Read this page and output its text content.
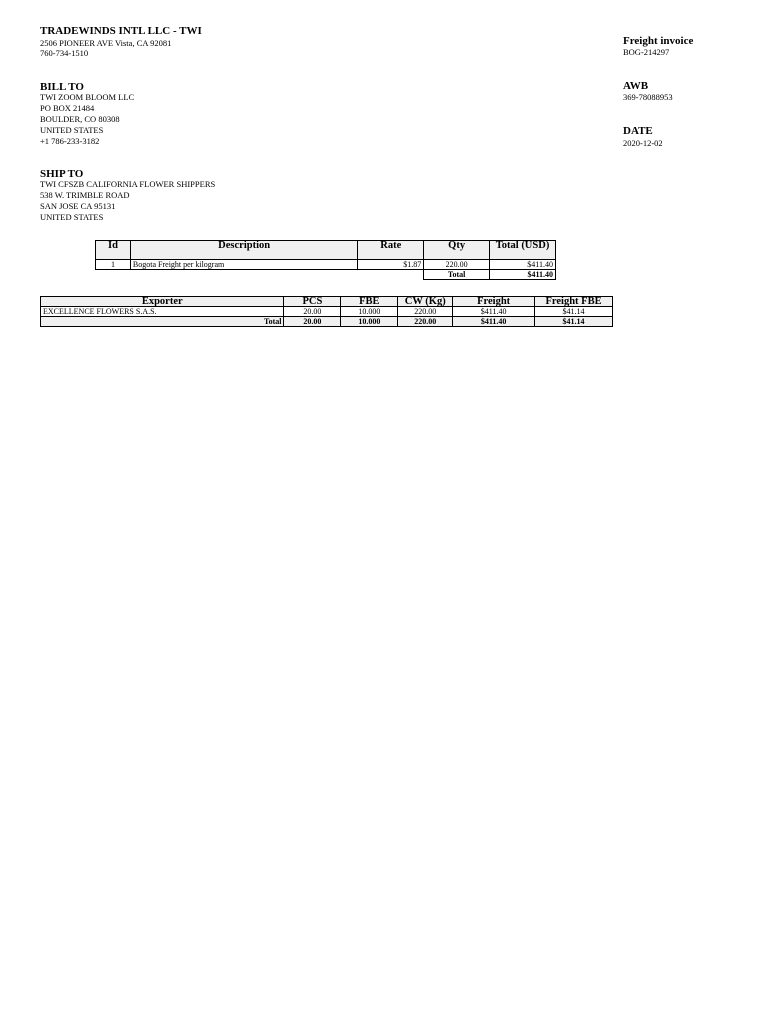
TRADEWINDS INTL LLC - TWI
2506 PIONEER AVE Vista, CA 92081
760-734-1510
Freight invoice
BOG-214297
AWB
369-78088953
DATE
2020-12-02
BILL TO
TWI ZOOM BLOOM LLC
PO BOX 21484
BOULDER, CO 80308
UNITED STATES
+1 786-233-3182
SHIP TO
TWI CFSZB CALIFORNIA FLOWER SHIPPERS
538 W. TRIMBLE ROAD
SAN JOSE CA 95131
UNITED STATES
Id	Description	Rate	Qty	Total (USD)
1	Bogota Freight per kilogram	$1.87	220.00	$411.40
			Total	$411.40
Exporter	PCS	FBE	CW (Kg)	Freight	Freight FBE
EXCELLENCE FLOWERS S.A.S.	20.00	10.000	220.00	$411.40	$41.14
Total	20.00	10.000	220.00	$411.40	$41.14
